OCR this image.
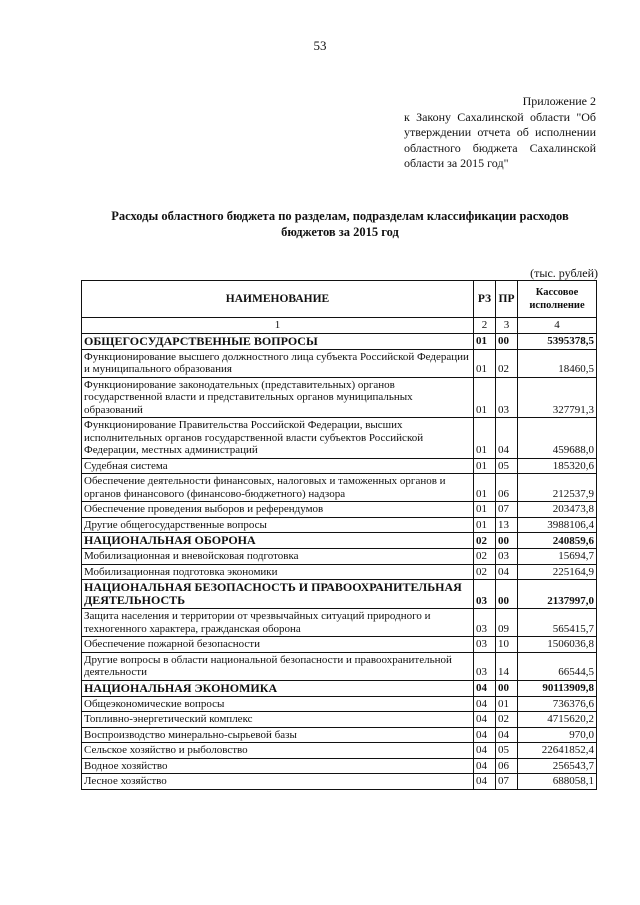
53
Приложение 2
к Закону Сахалинской области "Об утверждении отчета об исполнении областного бюджета Сахалинской области за 2015 год"
Расходы областного бюджета по разделам, подразделам классификации расходов
бюджетов за 2015 год
(тыс. рублей)
НАИМЕНОВАНИЕ	РЗ	ПР	Кассовое исполнение
1	2	3	4
ОБЩЕГОСУДАРСТВЕННЫЕ ВОПРОСЫ	01	00	5395378,5
Функционирование высшего должностного лица субъекта Российской Федерации и муниципального образования	01	02	18460,5
Функционирование законодательных (представительных) органов государственной власти и представительных органов муниципальных образований	01	03	327791,3
Функционирование Правительства Российской Федерации, высших исполнительных органов государственной власти субъектов Российской Федерации, местных администраций	01	04	459688,0
Судебная система	01	05	185320,6
Обеспечение деятельности финансовых, налоговых и таможенных органов и органов финансового (финансово-бюджетного) надзора	01	06	212537,9
Обеспечение проведения выборов и референдумов	01	07	203473,8
Другие общегосударственные вопросы	01	13	3988106,4
НАЦИОНАЛЬНАЯ ОБОРОНА	02	00	240859,6
Мобилизационная и вневойсковая подготовка	02	03	15694,7
Мобилизационная подготовка экономики	02	04	225164,9
НАЦИОНАЛЬНАЯ БЕЗОПАСНОСТЬ И ПРАВООХРАНИТЕЛЬНАЯ ДЕЯТЕЛЬНОСТЬ	03	00	2137997,0
Защита населения и территории от чрезвычайных ситуаций природного и техногенного характера, гражданская оборона	03	09	565415,7
Обеспечение пожарной безопасности	03	10	1506036,8
Другие вопросы в области национальной безопасности и правоохранительной деятельности	03	14	66544,5
НАЦИОНАЛЬНАЯ ЭКОНОМИКА	04	00	90113909,8
Общеэкономические вопросы	04	01	736376,6
Топливно-энергетический комплекс	04	02	4715620,2
Воспроизводство минерально-сырьевой базы	04	04	970,0
Сельское хозяйство и рыболовство	04	05	22641852,4
Водное хозяйство	04	06	256543,7
Лесное хозяйство	04	07	688058,1
